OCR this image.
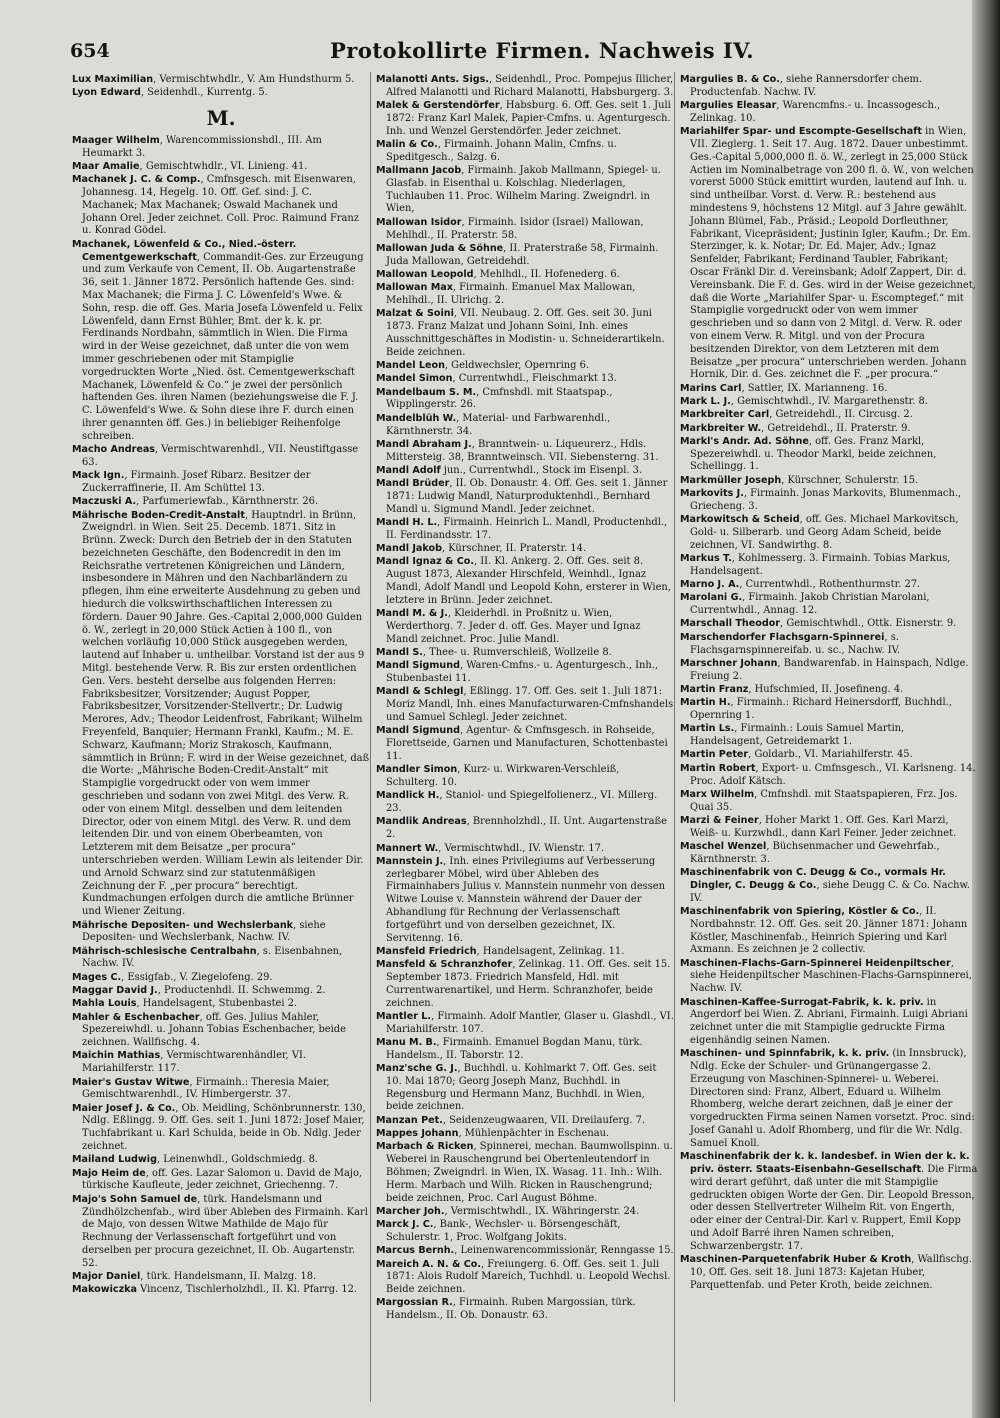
654	Protokollirte Firmen. Nachweis IV.
Lux Maximilian, Vermischtwhdlr., V. Am Hundsthurm 5.
Lyon Edward, Seidenhdl., Kurrentg. 5.
M.
Maager Wilhelm, Warencommissionshdl., III. Am Heumarkt 3.
Maar Amalie, Gemischtwhdlr., VI. Linieng. 41.
Machanek J. C. & Comp., Cmfnsgesch. mit Eisenwaren, Johannesg. 14, Hegelg. 10. Off. Gef. sind: J. C. Machanek; Max Machanek; Oswald Machanek und Johann Orel. Jeder zeichnet. Coll. Proc. Raimund Franz u. Konrad Gödel.
Machanek, Löwenfeld & Co., Nied.-österr. Cementgewerkschaft, Commandit-Ges. zur Erzeugung und zum Verkaufe von Cement, II. Ob. Augartenstraße 36, seit 1. Jänner 1872. Persönlich haftende Ges. sind: Max Machanek; die Firma J. C. Löwenfeld's Wwe. & Sohn, resp. die off. Ges. Maria Josefa Löwenfeld u. Felix Löwenfeld, dann Ernst Bühler, Bmt. der k. k. pr. Ferdinands Nordbahn, sämmtlich in Wien. Die Firma wird in der Weise gezeichnet, daß unter die von wem immer geschriebenen oder mit Stampiglie vorgedruckten Worte „Nied. öst. Cementgewerkschaft Machanek, Löwenfeld & Co.“ je zwei der persönlich haftenden Ges. ihren Namen (beziehungsweise die F. J. C. Löwenfeld's Wwe. & Sohn diese ihre F. durch einen ihrer genannten öff. Ges.) in beliebiger Reihenfolge schreiben.
Macho Andreas, Vermischtwarenhdl., VII. Neustiftgasse 63.
Mack Ign., Firmainh. Josef Ribarz. Besitzer der Zuckerraffinerie, II. Am Schüttel 13.
Maczuski A., Parfumeriewfab., Kärnthnerstr. 26.
Mährische Boden-Credit-Anstalt, Hauptndrl. in Brünn, Zweigndrl. in Wien. Seit 25. Decemb. 1871. Sitz in Brünn. Zweck: Durch den Betrieb der in den Statuten bezeichneten Geschäfte, den Bodencredit in den im Reichsrathe vertretenen Königreichen und Ländern, insbesondere in Mähren und den Nachbarländern zu pflegen, ihm eine erweiterte Ausdehnung zu geben und hiedurch die volkswirthschaftlichen Interessen zu fördern. Dauer 90 Jahre. Ges.-Capital 2,000,000 Gulden ö. W., zerlegt in 20,000 Stück Actien à 100 fl., von welchen vorläufig 10,000 Stück ausgegeben werden, lautend auf Inhaber u. untheilbar. Vorstand ist der aus 9 Mitgl. bestehende Verw. R. Bis zur ersten ordentlichen Gen. Vers. besteht derselbe aus folgenden Herren: Fabriksbesitzer, Vorsitzender; August Popper, Fabriksbesitzer, Vorsitzender-Stellvertr.; Dr. Ludwig Merores, Adv.; Theodor Leidenfrost, Fabrikant; Wilhelm Freyenfeld, Banquier; Hermann Frankl, Kaufm.; M. E. Schwarz, Kaufmann; Moriz Strakosch, Kaufmann, sämmtlich in Brünn; F. wird in der Weise gezeichnet, daß die Worte: „Mährische Boden-Credit-Anstalt“ mit Stampiglie vorgedruckt oder von wem immer geschrieben und sodann von zwei Mitgl. des Verw. R. oder von einem Mitgl. desselben und dem leitenden Director, oder von einem Mitgl. des Verw. R. und dem leitenden Dir. und von einem Oberbeamten, von Letzterem mit dem Beisatze „per procura“ unterschrieben werden. William Lewin als leitender Dir. und Arnold Schwarz sind zur statutenmäßigen Zeichnung der F. „per procura“ berechtigt. Kundmachungen erfolgen durch die amtliche Brünner und Wiener Zeitung.
Mährische Depositen- und Wechslerbank, siehe Depositen- und Wechslerbank, Nachw. IV.
Mährisch-schlesische Centralbahn, s. Eisenbahnen, Nachw. IV.
Mages C., Essigfab., V. Ziegelofeng. 29.
Maggar David J., Productenhdl. II. Schwemmg. 2.
Mahla Louis, Handelsagent, Stubenbastei 2.
Mahler & Eschenbacher, off. Ges. Julius Mahler, Spezereiwhdl. u. Johann Tobias Eschenbacher, beide zeichnen. Wallfischg. 4.
Maichin Mathias, Vermischtwarenhändler, VI. Mariahilferstr. 117.
Maier's Gustav Witwe, Firmainh.: Theresia Maier, Gemischtwarenhdl., IV. Himbergerstr. 37.
Maier Josef J. & Co., Ob. Meidling, Schönbrunnerstr. 130, Ndlg. Eßlingg. 9. Off. Ges. seit 1. Juni 1872: Josef Maier, Tuchfabrikant u. Karl Schulda, beide in Ob. Ndlg. Jeder zeichnet.
Mailand Ludwig, Leinenwhdl., Goldschmiedg. 8.
Majo Heim de, off. Ges. Lazar Salomon u. David de Majo, türkische Kaufleute, jeder zeichnet, Griechenng. 7.
Majo's Sohn Samuel de, türk. Handelsmann und Zündhölzchenfab., wird über Ableben des Firmainh. Karl de Majo, von dessen Witwe Mathilde de Majo für Rechnung der Verlassenschaft fortgeführt und von derselben per procura gezeichnet, II. Ob. Augartenstr. 52.
Major Daniel, türk. Handelsmann, II. Malzg. 18.
Makowiczka Vincenz, Tischlerholzhdl., II. Kl. Pfarrg. 12.
Malanotti Ants. Sigs., Seidenhdl., Proc. Pompejus Illicher, Alfred Malanotti und Richard Malanotti, Habsburgerg. 3.
Malek & Gerstendörfer, Habsburg. 6. Off. Ges. seit 1. Juli 1872: Franz Karl Malek, Papier-Cmfns. u. Agenturgesch. Inh. und Wenzel Gerstendörfer. Jeder zeichnet.
Malin & Co., Firmainh. Johann Malin, Cmfns. u. Speditgesch., Salzg. 6.
Mallmann Jacob, Firmainh. Jakob Mallmann, Spiegel- u. Glasfab. in Eisenthal u. Kolschlag. Niederlagen, Tuchlauben 11. Proc. Wilhelm Maring. Zweigndrl. in Wien,
Mallowan Isidor, Firmainh. Isidor (Israel) Mallowan, Mehlhdl., II. Praterstr. 58.
Mallowan Juda & Söhne, II. Praterstraße 58, Firmainh. Juda Mallowan, Getreidehdl.
Mallowan Leopold, Mehlhdl., II. Hofenederg. 6.
Mallowan Max, Firmainh. Emanuel Max Mallowan, Mehlhdl., II. Ulrichg. 2.
Malzat & Soini, VII. Neubaug. 2. Off. Ges. seit 30. Juni 1873. Franz Malzat und Johann Soini, Inh. eines Ausschnittgeschäftes in Modistin- u. Schneiderartikeln. Beide zeichnen.
Mandel Leon, Geldwechsler, Opernring 6.
Mandel Simon, Currentwhdl., Fleischmarkt 13.
Mandelbaum S. M., Cmfnshdl. mit Staatspap., Wipplingerstr. 26.
Mandelblüh W., Material- und Farbwarenhdl., Kärnthnerstr. 34.
Mandl Abraham J., Branntwein- u. Liqueurerz., Hdls. Mittersteig. 38, Branntweinsch. VII. Siebensterng. 31.
Mandl Adolf jun., Currentwhdl., Stock im Eisenpl. 3.
Mandl Brüder, II. Ob. Donaustr. 4. Off. Ges. seit 1. Jänner 1871: Ludwig Mandl, Naturproduktenhdl., Bernhard Mandl u. Sigmund Mandl. Jeder zeichnet.
Mandl H. L., Firmainh. Heinrich L. Mandl, Productenhdl., II. Ferdinandsstr. 17.
Mandl Jakob, Kürschner, II. Praterstr. 14.
Mandl Ignaz & Co., II. Kl. Ankerg. 2. Off. Ges. seit 8. August 1873, Alexander Hirschfeld, Weinhdl., Ignaz Mandl, Adolf Mandl und Leopold Kohn, ersterer in Wien, letztere in Brünn. Jeder zeichnet.
Mandl M. & J., Kleiderhdl. in Proßnitz u. Wien, Werderthorg. 7. Jeder d. off. Ges. Mayer und Ignaz Mandl zeichnet. Proc. Julie Mandl.
Mandl S., Thee- u. Rumverschleiß, Wollzeile 8.
Mandl Sigmund, Waren-Cmfns.- u. Agenturgesch., Inh., Stubenbastei 11.
Mandl & Schlegl, Eßlingg. 17. Off. Ges. seit 1. Juli 1871: Moriz Mandl, Inh. eines Manufacturwaren-Cmfnshandels und Samuel Schlegl. Jeder zeichnet.
Mandl Sigmund, Agentur- & Cmfnsgesch. in Rohseide, Florettseide, Garnen und Manufacturen, Schottenbastei 11.
Mandler Simon, Kurz- u. Wirkwaren-Verschleiß, Schulterg. 10.
Mandlick H., Staniol- und Spiegelfolienerz., VI. Millerg. 23.
Mandlik Andreas, Brennholzhdl., II. Unt. Augartenstraße 2.
Mannert W., Vermischtwhdl., IV. Wienstr. 17.
Mannstein J., Inh. eines Privilegiums auf Verbesserung zerlegbarer Möbel, wird über Ableben des Firmainhabers Julius v. Mannstein nunmehr von dessen Witwe Louise v. Mannstein während der Dauer der Abhandlung für Rechnung der Verlassenschaft fortgeführt und von derselben gezeichnet, IX. Servitenng. 16.
Mansfeld Friedrich, Handelsagent, Zelinkag. 11.
Mansfeld & Schranzhofer, Zelinkag. 11. Off. Ges. seit 15. September 1873. Friedrich Mansfeld, Hdl. mit Currentwarenartikel, und Herm. Schranzhofer, beide zeichnen.
Mantler L., Firmainh. Adolf Mantler, Glaser u. Glashdl., VI. Mariahilferstr. 107.
Manu M. B., Firmainh. Emanuel Bogdan Manu, türk. Handelsm., II. Taborstr. 12.
Manz'sche G. J., Buchhdl. u. Kohlmarkt 7. Off. Ges. seit 10. Mai 1870; Georg Joseph Manz, Buchhdl. in Regensburg und Hermann Manz, Buchhdl. in Wien, beide zeichnen.
Manzan Pet., Seidenzeugwaaren, VII. Dreilauferg. 7.
Mappes Johann, Mühlenpächter in Eschenau.
Marbach & Ricken, Spinnerei, mechan. Baumwollspinn. u. Weberei in Rauschengrund bei Obertenleutendorf in Böhmen; Zweigndrl. in Wien, IX. Wasag. 11. Inh.: Wilh. Herm. Marbach und Wilh. Ricken in Rauschengrund; beide zeichnen, Proc. Carl August Böhme.
Marcher Joh., Vermischtwhdl., IX. Währingerstr. 24.
Marck J. C., Bank-, Wechsler- u. Börsengeschäft, Schulerstr. 1, Proc. Wolfgang Jokits.
Marcus Bernh., Leinenwarencommissionär, Renngasse 15.
Mareich A. N. & Co., Freiungerg. 6. Off. Ges. seit 1. Juli 1871: Alois Rudolf Mareich, Tuchhdl. u. Leopold Wechsl. Beide zeichnen.
Margossian R., Firmainh. Ruben Margossian, türk. Handelsm., II. Ob. Donaustr. 63.
Margulies B. & Co., siehe Rannersdorfer chem. Productenfab. Nachw. IV.
Margulies Eleasar, Warencmfns.- u. Incassogesch., Zelinkag. 10.
Mariahilfer Spar- und Escompte-Gesellschaft in Wien, VII. Zieglerg. 1. Seit 17. Aug. 1872. Dauer unbestimmt. Ges.-Capital 5,000,000 fl. ö. W., zerlegt in 25,000 Stück Actien im Nominalbetrage von 200 fl. ö. W., von welchen vorerst 5000 Stück emittirt wurden, lautend auf Inh. u. sind untheilbar. Vorst. d. Verw. R.: bestehend aus mindestens 9, höchstens 12 Mitgl. auf 3 Jahre gewählt. Johann Blümel, Fab., Präsid.; Leopold Dorfleuthner, Fabrikant, Vicepräsident; Justinin Igler, Kaufm.; Dr. Em. Sterzinger, k. k. Notar; Dr. Ed. Majer, Adv.; Ignaz Senfelder, Fabrikant; Ferdinand Taubler, Fabrikant; Oscar Fränkl Dir. d. Vereinsbank; Adolf Zappert, Dir. d. Vereinsbank. Die F. d. Ges. wird in der Weise gezeichnet, daß die Worte „Mariahilfer Spar- u. Escomptegef.“ mit Stampiglie vorgedruckt oder von wem immer geschrieben und so dann von 2 Mitgl. d. Verw. R. oder von einem Verw. R. Mitgl. und von der Procura besitzenden Direktor, von dem Letzteren mit dem Beisatze „per procura“ unterschrieben werden. Johann Hornik, Dir. d. Ges. zeichnet die F. „per procura.“
Marins Carl, Sattler, IX. Marianneng. 16.
Mark L. J., Gemischtwhdl., IV. Margarethenstr. 8.
Markbreiter Carl, Getreidehdl., II. Circusg. 2.
Markbreiter W., Getreidehdl., II. Praterstr. 9.
Markl's Andr. Ad. Söhne, off. Ges. Franz Markl, Spezereiwhdl. u. Theodor Markl, beide zeichnen, Schellingg. 1.
Markmüller Joseph, Kürschner, Schulerstr. 15.
Markovits J., Firmainh. Jonas Markovits, Blumenmach., Griecheng. 3.
Markowitsch & Scheid, off. Ges. Michael Markovitsch, Gold- u. Silberarb. und Georg Adam Scheid, beide zeichnen, VI. Sandwirthg. 8.
Markus T., Kohlmesserg. 3. Firmainh. Tobias Markus, Handelsagent.
Marno J. A., Currentwhdl., Rothenthurmstr. 27.
Marolani G., Firmainh. Jakob Christian Marolani, Currentwhdl., Annag. 12.
Marschall Theodor, Gemischtwhdl., Ottk. Eisnerstr. 9.
Marschendorfer Flachsgarn-Spinnerei, s. Flachsgarnspinnereifab. u. sc., Nachw. IV.
Marschner Johann, Bandwarenfab. in Hainspach, Ndlge. Freiung 2.
Martin Franz, Hufschmied, II. Josefineng. 4.
Martin H., Firmainh.: Richard Heinersdorff, Buchhdl., Opernring 1.
Martin Ls., Firmainh.: Louis Samuel Martin, Handelsagent, Getreidemarkt 1.
Martin Peter, Goldarb., VI. Mariahilferstr. 45.
Martin Robert, Export- u. Cmfnsgesch., VI. Karlsneng. 14. Proc. Adolf Kätsch.
Marx Wilhelm, Cmfnshdl. mit Staatspapieren, Frz. Jos. Quai 35.
Marzi & Feiner, Hoher Markt 1. Off. Ges. Karl Marzi, Weiß- u. Kurzwhdl., dann Karl Feiner. Jeder zeichnet.
Maschel Wenzel, Büchsenmacher und Gewehrfab., Kärnthnerstr. 3.
Maschinenfabrik von C. Deugg & Co., vormals Hr. Dingler, C. Deugg & Co., siehe Deugg C. & Co. Nachw. IV.
Maschinenfabrik von Spiering, Köstler & Co., II. Nordbahnstr. 12. Off. Ges. seit 20. Jänner 1871: Johann Köstler, Maschinenfab., Heinrich Spiering und Karl Axmann. Es zeichnen je 2 collectiv.
Maschinen-Flachs-Garn-Spinnerei Heidenpiltscher, siehe Heidenpiltscher Maschinen-Flachs-Garnspinnerei, Nachw. IV.
Maschinen-Kaffee-Surrogat-Fabrik, k. k. priv. in Angerdorf bei Wien. Z. Abriani, Firmainh. Luigi Abriani zeichnet unter die mit Stampiglie gedruckte Firma eigenhändig seinen Namen.
Maschinen- und Spinnfabrik, k. k. priv. (in Innsbruck), Ndlg. Ecke der Schuler- und Grünangergasse 2. Erzeugung von Maschinen-Spinnerei- u. Weberei. Directoren sind: Franz, Albert, Eduard u. Wilhelm Rhomberg, welche derart zeichnen, daß je einer der vorgedruckten Firma seinen Namen vorsetzt. Proc. sind: Josef Ganahl u. Adolf Rhomberg, und für die Wr. Ndlg. Samuel Knoll.
Maschinenfabrik der k. k. landesbef. in Wien der k. k. priv. österr. Staats-Eisenbahn-Gesellschaft. Die Firma wird derart geführt, daß unter die mit Stampiglie gedruckten obigen Worte der Gen. Dir. Leopold Bresson, oder dessen Stellvertreter Wilhelm Rit. von Engerth, oder einer der Central-Dir. Karl v. Ruppert, Emil Kopp und Adolf Barré ihren Namen schreiben, Schwarzenbergstr. 17.
Maschinen-Parquetenfabrik Huber & Kroth, Wallfischg. 10, Off. Ges. seit 18. Juni 1873: Kajetan Huber, Parquettenfab. und Peter Kroth, beide zeichnen.
